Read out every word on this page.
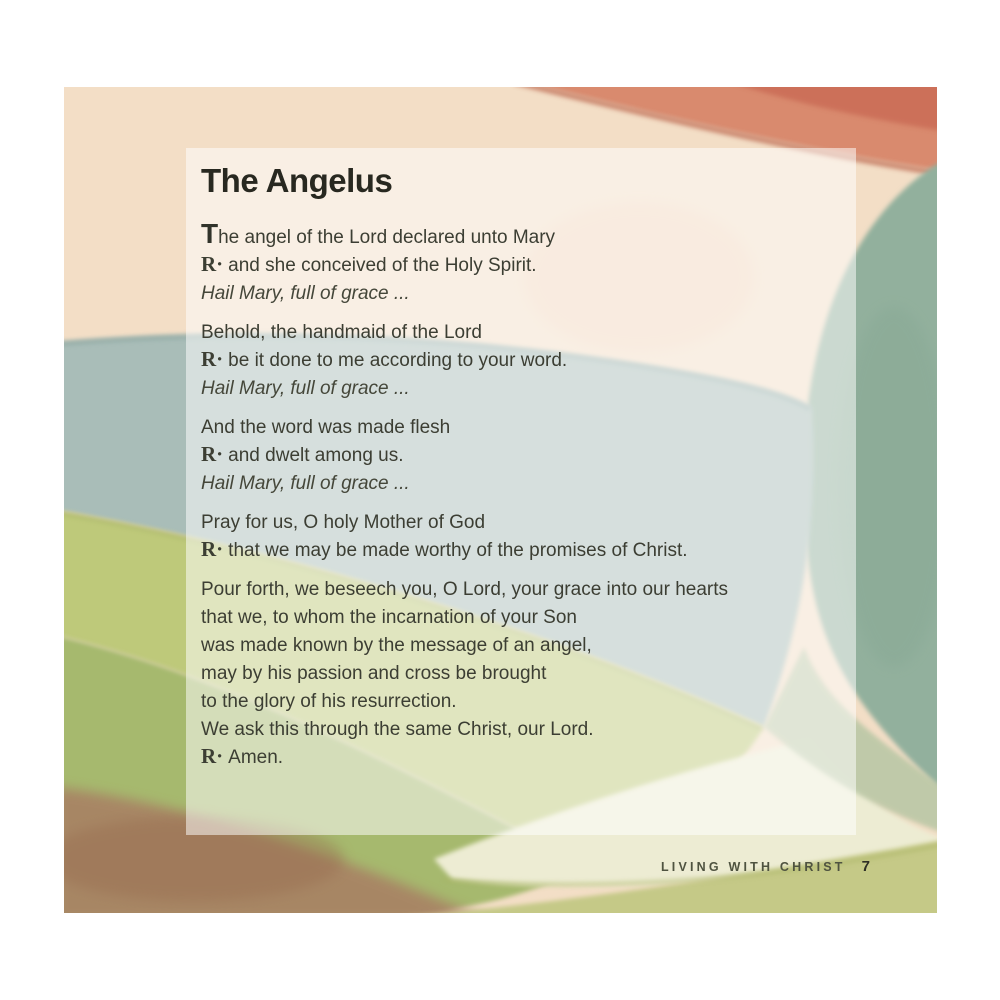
The Angelus

The angel of the Lord declared unto Mary

R· and she conceived of the Holy Spirit.

Hail Mary, full of grace ...

Behold, the handmaid of the Lord

R· be it done to me according to your word.

Hail Mary, full of grace ...

And the word was made flesh

R· and dwelt among us.

Hail Mary, full of grace ...

Pray for us, O holy Mother of God

R· that we may be made worthy of the promises of Christ.

Pour forth, we beseech you, O Lord, your grace into our hearts

that we, to whom the incarnation of your Son

was made known by the message of an angel,

may by his passion and cross be brought

to the glory of his resurrection.

We ask this through the same Christ, our Lord.

R· Amen.

LIVING WITH CHRIST 7
